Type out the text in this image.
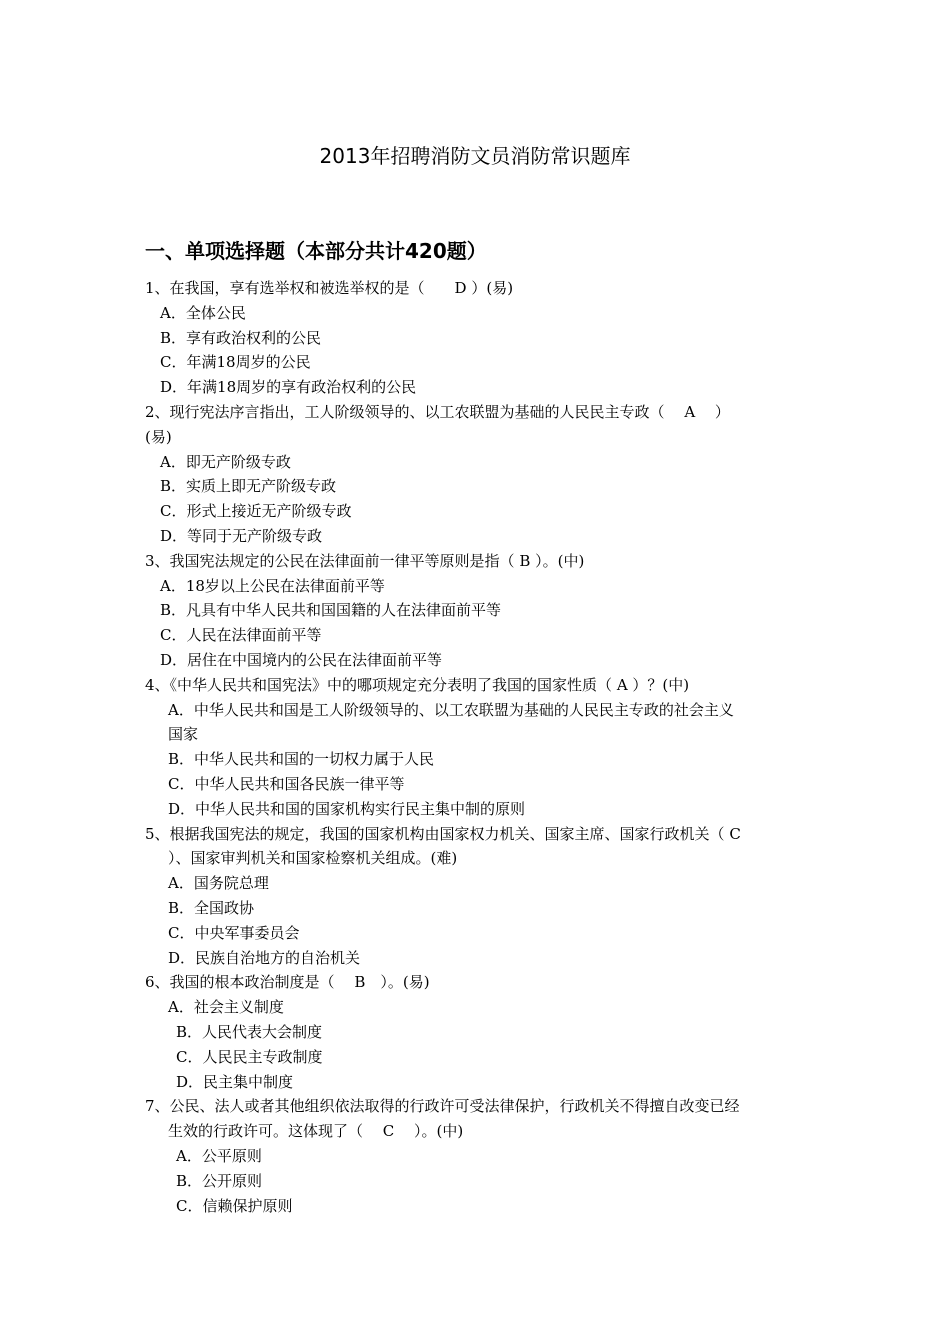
2013年招聘消防文员消防常识题库
一、单项选择题（本部分共计420题）
1、在我国，享有选举权和被选举权的是（　　D ）(易)
A．全体公民
B．享有政治权利的公民
C．年满18周岁的公民
D．年满18周岁的享有政治权利的公民
2、现行宪法序言指出，工人阶级领导的、以工农联盟为基础的人民民主专政（　 A　 ）
(易)
A．即无产阶级专政
B．实质上即无产阶级专政
C．形式上接近无产阶级专政
D．等同于无产阶级专政
3、我国宪法规定的公民在法律面前一律平等原则是指（ B ）。(中)
A．18岁以上公民在法律面前平等
B．凡具有中华人民共和国国籍的人在法律面前平等
C．人民在法律面前平等
D．居住在中国境内的公民在法律面前平等
4、《中华人民共和国宪法》中的哪项规定充分表明了我国的国家性质（ A ）？(中)
A．中华人民共和国是工人阶级领导的、以工农联盟为基础的人民民主专政的社会主义
国家
B．中华人民共和国的一切权力属于人民
C．中华人民共和国各民族一律平等
D．中华人民共和国的国家机构实行民主集中制的原则
5、根据我国宪法的规定，我国的国家机构由国家权力机关、国家主席、国家行政机关（ C
）、国家审判机关和国家检察机关组成。(难)
A．国务院总理
B．全国政协
C．中央军事委员会
D．民族自治地方的自治机关
6、我国的根本政治制度是（　 B　）。(易)
A．社会主义制度
B．人民代表大会制度
C．人民民主专政制度
D．民主集中制度
7、公民、法人或者其他组织依法取得的行政许可受法律保护，行政机关不得擅自改变已经
生效的行政许可。这体现了（　 C　 ）。(中)
A．公平原则
B．公开原则
C．信赖保护原则
